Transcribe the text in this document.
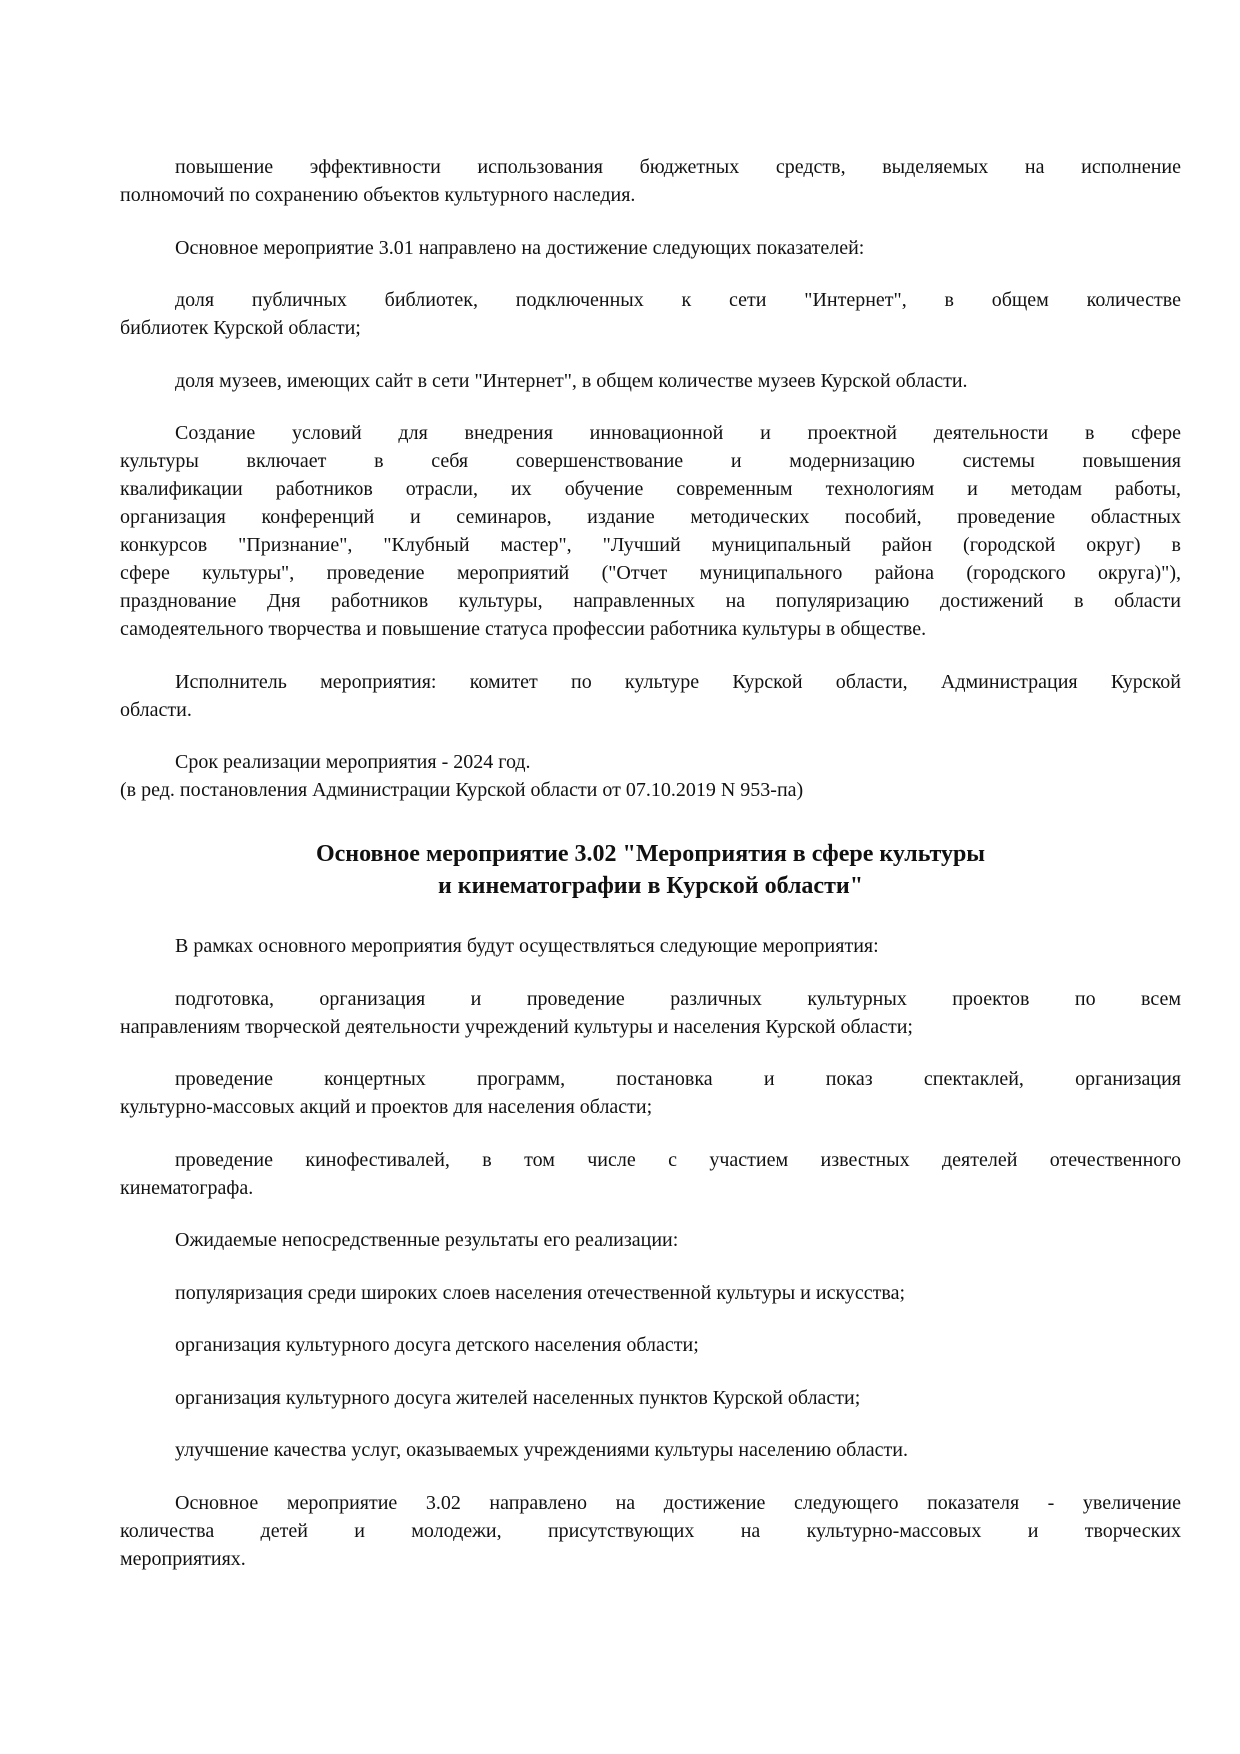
повышение эффективности использования бюджетных средств, выделяемых на исполнение
полномочий по сохранению объектов культурного наследия.

Основное мероприятие 3.01 направлено на достижение следующих показателей:

доля публичных библиотек, подключенных к сети "Интернет", в общем количестве
библиотек Курской области;

доля музеев, имеющих сайт в сети "Интернет", в общем количестве музеев Курской области.

Создание условий для внедрения инновационной и проектной деятельности в сфере
культуры включает в себя совершенствование и модернизацию системы повышения
квалификации работников отрасли, их обучение современным технологиям и методам работы,
организация конференций и семинаров, издание методических пособий, проведение областных
конкурсов "Признание", "Клубный мастер", "Лучший муниципальный район (городской округ) в
сфере культуры", проведение мероприятий ("Отчет муниципального района (городского округа)"),
празднование Дня работников культуры, направленных на популяризацию достижений в области
самодеятельного творчества и повышение статуса профессии работника культуры в обществе.

Исполнитель мероприятия: комитет по культуре Курской области, Администрация Курской
области.

Срок реализации мероприятия - 2024 год.
(в ред. постановления Администрации Курской области от 07.10.2019 N 953-па)

Основное мероприятие 3.02 "Мероприятия в сфере культуры
и кинематографии в Курской области"

В рамках основного мероприятия будут осуществляться следующие мероприятия:

подготовка, организация и проведение различных культурных проектов по всем
направлениям творческой деятельности учреждений культуры и населения Курской области;

проведение концертных программ, постановка и показ спектаклей, организация
культурно-массовых акций и проектов для населения области;

проведение кинофестивалей, в том числе с участием известных деятелей отечественного
кинематографа.

Ожидаемые непосредственные результаты его реализации:

популяризация среди широких слоев населения отечественной культуры и искусства;

организация культурного досуга детского населения области;

организация культурного досуга жителей населенных пунктов Курской области;

улучшение качества услуг, оказываемых учреждениями культуры населению области.

Основное мероприятие 3.02 направлено на достижение следующего показателя - увеличение
количества детей и молодежи, присутствующих на культурно-массовых и творческих
мероприятиях.
